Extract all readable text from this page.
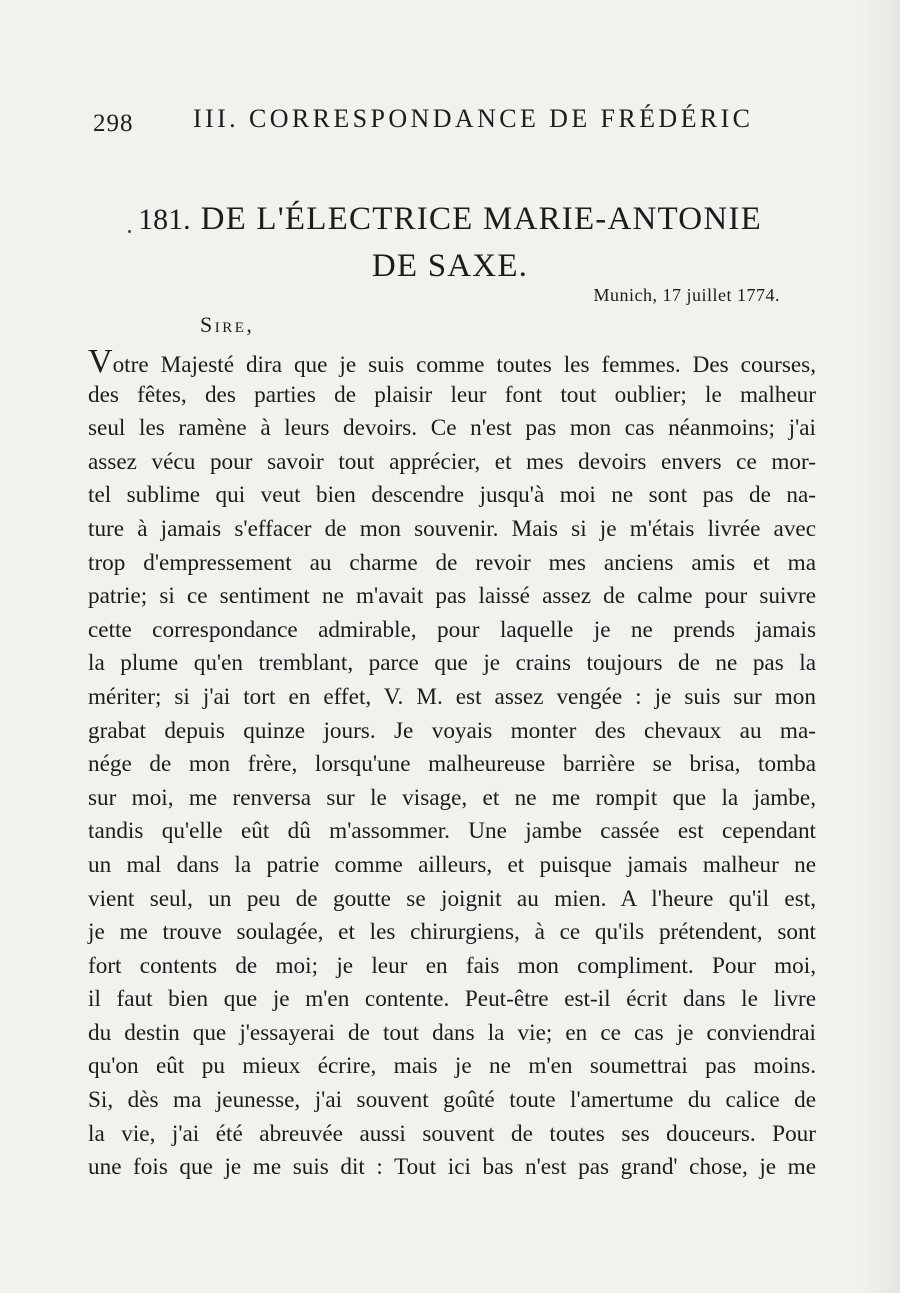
298 III. CORRESPONDANCE DE FRÉDÉRIC
181. DE L'ÉLECTRICE MARIE-ANTONIE
DE SAXE.
Munich, 17 juillet 1774.
Sire,
Votre Majesté dira que je suis comme toutes les femmes. Des courses,
des fêtes, des parties de plaisir leur font tout oublier; le malheur
seul les ramène à leurs devoirs. Ce n'est pas mon cas néanmoins; j'ai
assez vécu pour savoir tout apprécier, et mes devoirs envers ce mor-
tel sublime qui veut bien descendre jusqu'à moi ne sont pas de na-
ture à jamais s'effacer de mon souvenir. Mais si je m'étais livrée avec
trop d'empressement au charme de revoir mes anciens amis et ma
patrie; si ce sentiment ne m'avait pas laissé assez de calme pour suivre
cette correspondance admirable, pour laquelle je ne prends jamais
la plume qu'en tremblant, parce que je crains toujours de ne pas la
mériter; si j'ai tort en effet, V. M. est assez vengée : je suis sur mon
grabat depuis quinze jours. Je voyais monter des chevaux au ma-
nége de mon frère, lorsqu'une malheureuse barrière se brisa, tomba
sur moi, me renversa sur le visage, et ne me rompit que la jambe,
tandis qu'elle eût dû m'assommer. Une jambe cassée est cependant
un mal dans la patrie comme ailleurs, et puisque jamais malheur ne
vient seul, un peu de goutte se joignit au mien. A l'heure qu'il est,
je me trouve soulagée, et les chirurgiens, à ce qu'ils prétendent, sont
fort contents de moi; je leur en fais mon compliment. Pour moi,
il faut bien que je m'en contente. Peut-être est-il écrit dans le livre
du destin que j'essayerai de tout dans la vie; en ce cas je conviendrai
qu'on eût pu mieux écrire, mais je ne m'en soumettrai pas moins.
Si, dès ma jeunesse, j'ai souvent goûté toute l'amertume du calice de
la vie, j'ai été abreuvée aussi souvent de toutes ses douceurs. Pour
une fois que je me suis dit : Tout ici bas n'est pas grand' chose, je me
